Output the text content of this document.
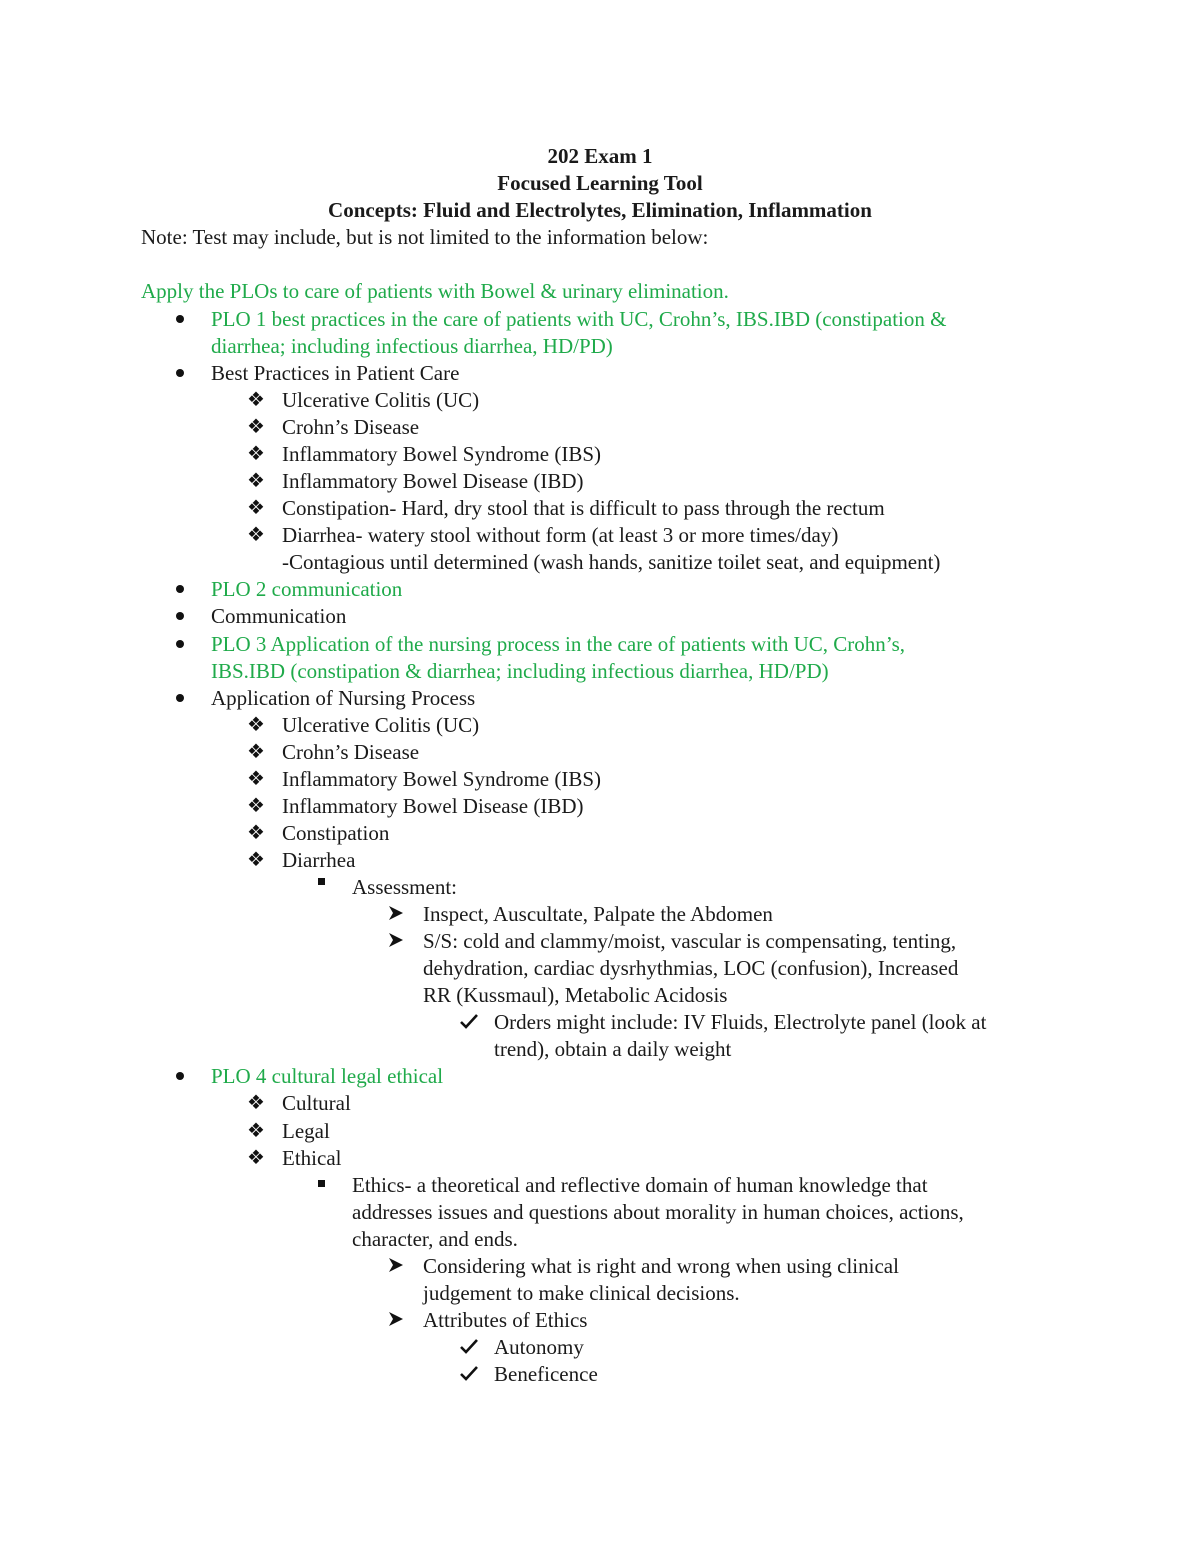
202 Exam 1
Focused Learning Tool
Concepts: Fluid and Electrolytes, Elimination, Inflammation
Note: Test may include, but is not limited to the information below:
Apply the PLOs to care of patients with Bowel & urinary elimination.
PLO 1 best practices in the care of patients with UC, Crohn’s, IBS.IBD (constipation &
diarrhea; including infectious diarrhea, HD/PD)
Best Practices in Patient Care
❖ Ulcerative Colitis (UC)
❖ Crohn’s Disease
❖ Inflammatory Bowel Syndrome (IBS)
❖ Inflammatory Bowel Disease (IBD)
❖ Constipation- Hard, dry stool that is difficult to pass through the rectum
❖ Diarrhea- watery stool without form (at least 3 or more times/day)
-Contagious until determined (wash hands, sanitize toilet seat, and equipment)
PLO 2 communication
Communication
PLO 3 Application of the nursing process in the care of patients with UC, Crohn’s,
IBS.IBD (constipation & diarrhea; including infectious diarrhea, HD/PD)
Application of Nursing Process
❖ Ulcerative Colitis (UC)
❖ Crohn’s Disease
❖ Inflammatory Bowel Syndrome (IBS)
❖ Inflammatory Bowel Disease (IBD)
❖ Constipation
❖ Diarrhea
Assessment:
Inspect, Auscultate, Palpate the Abdomen
S/S: cold and clammy/moist, vascular is compensating, tenting,
dehydration, cardiac dysrhythmias, LOC (confusion), Increased
RR (Kussmaul), Metabolic Acidosis
Orders might include: IV Fluids, Electrolyte panel (look at
trend), obtain a daily weight
PLO 4 cultural legal ethical
❖ Cultural
❖ Legal
❖ Ethical
Ethics- a theoretical and reflective domain of human knowledge that
addresses issues and questions about morality in human choices, actions,
character, and ends.
Considering what is right and wrong when using clinical
judgement to make clinical decisions.
Attributes of Ethics
Autonomy
Beneficence
